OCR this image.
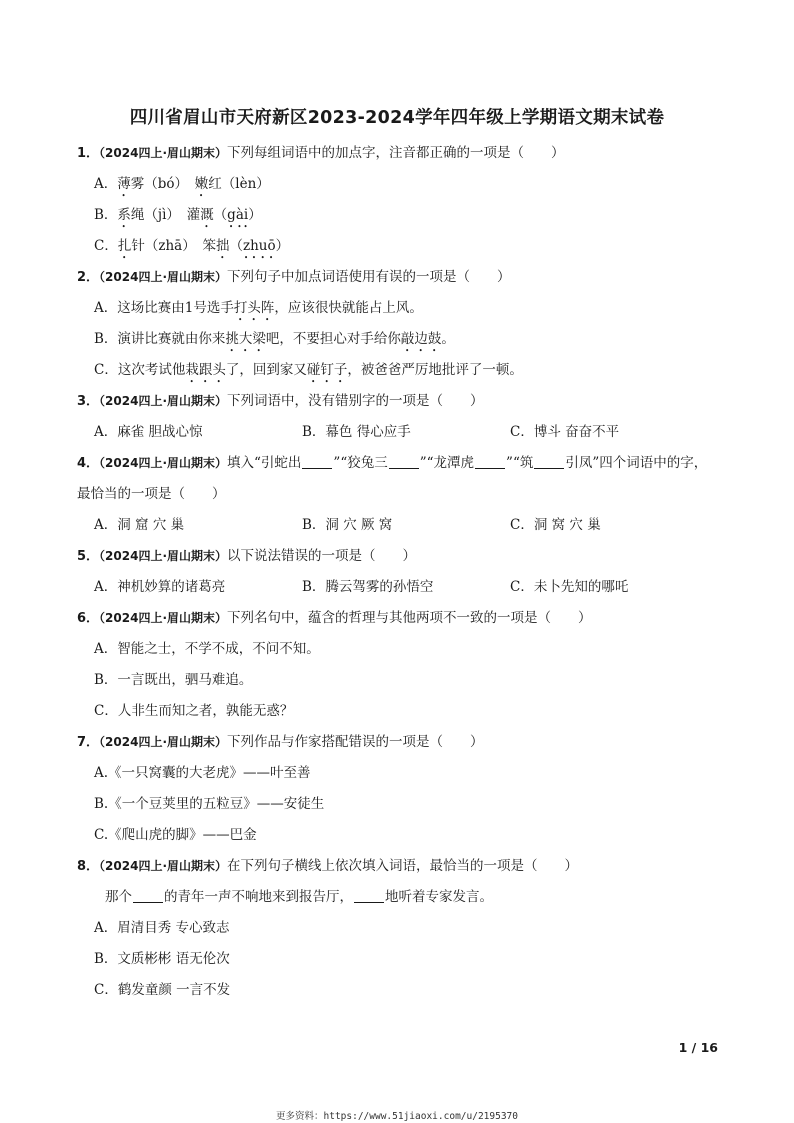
四川省眉山市天府新区2023-2024学年四年级上学期语文期末试卷
1．（2024四上·眉山期末）下列每组词语中的加点字，注音都正确的一项是（　　）
A．薄雾（bó）　嫩红（lèn）
B．系绳（jì）　灌溉（gài）
C．扎针（zhā）　笨拙（zhuō）
2．（2024四上·眉山期末）下列句子中加点词语使用有误的一项是（　　）
A．这场比赛由1号选手打头阵，应该很快就能占上风。
B．演讲比赛就由你来挑大梁吧，不要担心对手给你敲边鼓。
C．这次考试他栽跟头了，回到家又碰钉子，被爸爸严厉地批评了一顿。
3．（2024四上·眉山期末）下列词语中，没有错别字的一项是（　　）
A．麻雀 胆战心惊	B．幕色 得心应手	C．博斗 奋奋不平
4．（2024四上·眉山期末）填入“引蛇出 ”“狡兔三 ”“龙潭虎 ”“筑 引凤”四个词语中的字，
最恰当的一项是（　　）
A．洞 窟 穴 巢	B．洞 穴 厥 窝	C．洞 窝 穴 巢
5．（2024四上·眉山期末）以下说法错误的一项是（　　）
A．神机妙算的诸葛亮	B．腾云驾雾的孙悟空	C．未卜先知的哪吒
6．（2024四上·眉山期末）下列名句中，蕴含的哲理与其他两项不一致的一项是（　　）
A．智能之士，不学不成，不问不知。
B．一言既出，驷马难追。
C．人非生而知之者，孰能无惑？
7．（2024四上·眉山期末）下列作品与作家搭配错误的一项是（　　）
A.《一只窝囊的大老虎》——叶至善
B.《一个豆荚里的五粒豆》——安徒生
C.《爬山虎的脚》——巴金
8．（2024四上·眉山期末）在下列句子横线上依次填入词语，最恰当的一项是（　　）
那个 的青年一声不响地来到报告厅， 地听着专家发言。
A．眉清目秀 专心致志
B．文质彬彬 语无伦次
C．鹤发童颜 一言不发
1 / 16
更多资料：https://www.51jiaoxi.com/u/2195370
